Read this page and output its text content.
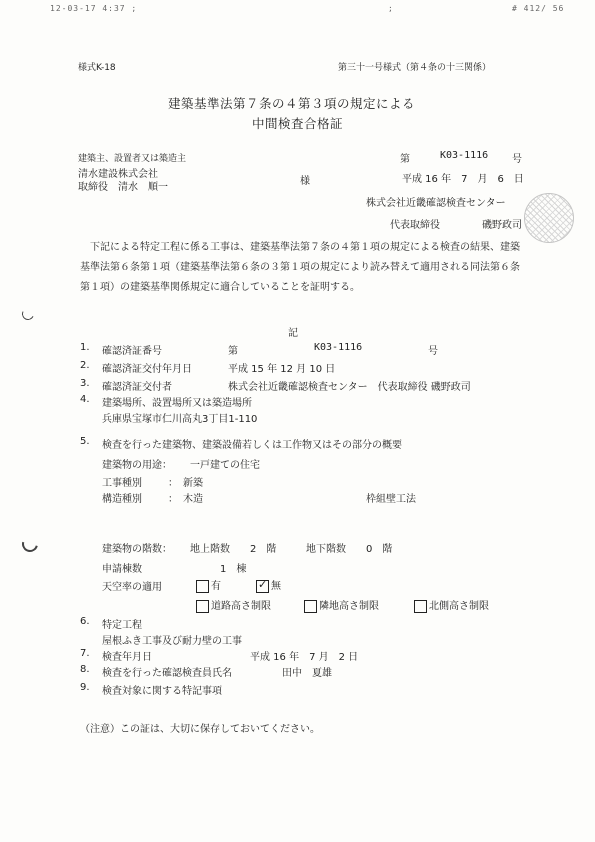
12-03-17 4:37 ;	;	# 412/ 56
様式K-18	第三十一号様式（第４条の十三関係）
建築基準法第７条の４第３項の規定による
中間検査合格証
第	K03-1116 号
建築主、設置者又は築造主
清水建設株式会社
取締役　清水　順一
様	平成 16 年　7　月　6　日
株式会社近畿確認検査センター
代表取締役	磯野政司
下記による特定工程に係る工事は、建築基準法第７条の４第１項の規定による検査の結果、建築基準法第６条第１項（建築基準法第６条の３第１項の規定により読み替えて適用される同法第６条第１項）の建築基準関係規定に適合していることを証明する。
記
1. 確認済証番号	第	K03-1116	号
2. 確認済証交付年月日	平成 15 年 12 月 10 日
3. 確認済証交付者	株式会社近畿確認検査センター　代表取締役 磯野政司
4. 建築場所、設置場所又は築造場所
兵庫県宝塚市仁川高丸3丁目1-110
5. 検査を行った建築物、建築設備若しくは工作物又はその部分の概要
建築物の用途： 一戸建ての住宅
工事種別	：　新築
構造種別	：　木造	枠組壁工法
建築物の階数： 地上階数　　2　階	地下階数　　0　階
申請棟数	1　棟
天空率の適用	有	✓ 無
道路高さ制限	隣地高さ制限	北側高さ制限
6. 特定工程
屋根ふき工事及び耐力壁の工事
7. 検査年月日	平成 16 年　7 月　2 日
8. 検査を行った確認検査員氏名	田中　夏雄
9. 検査対象に関する特記事項
（注意）この証は、大切に保存しておいてください。
